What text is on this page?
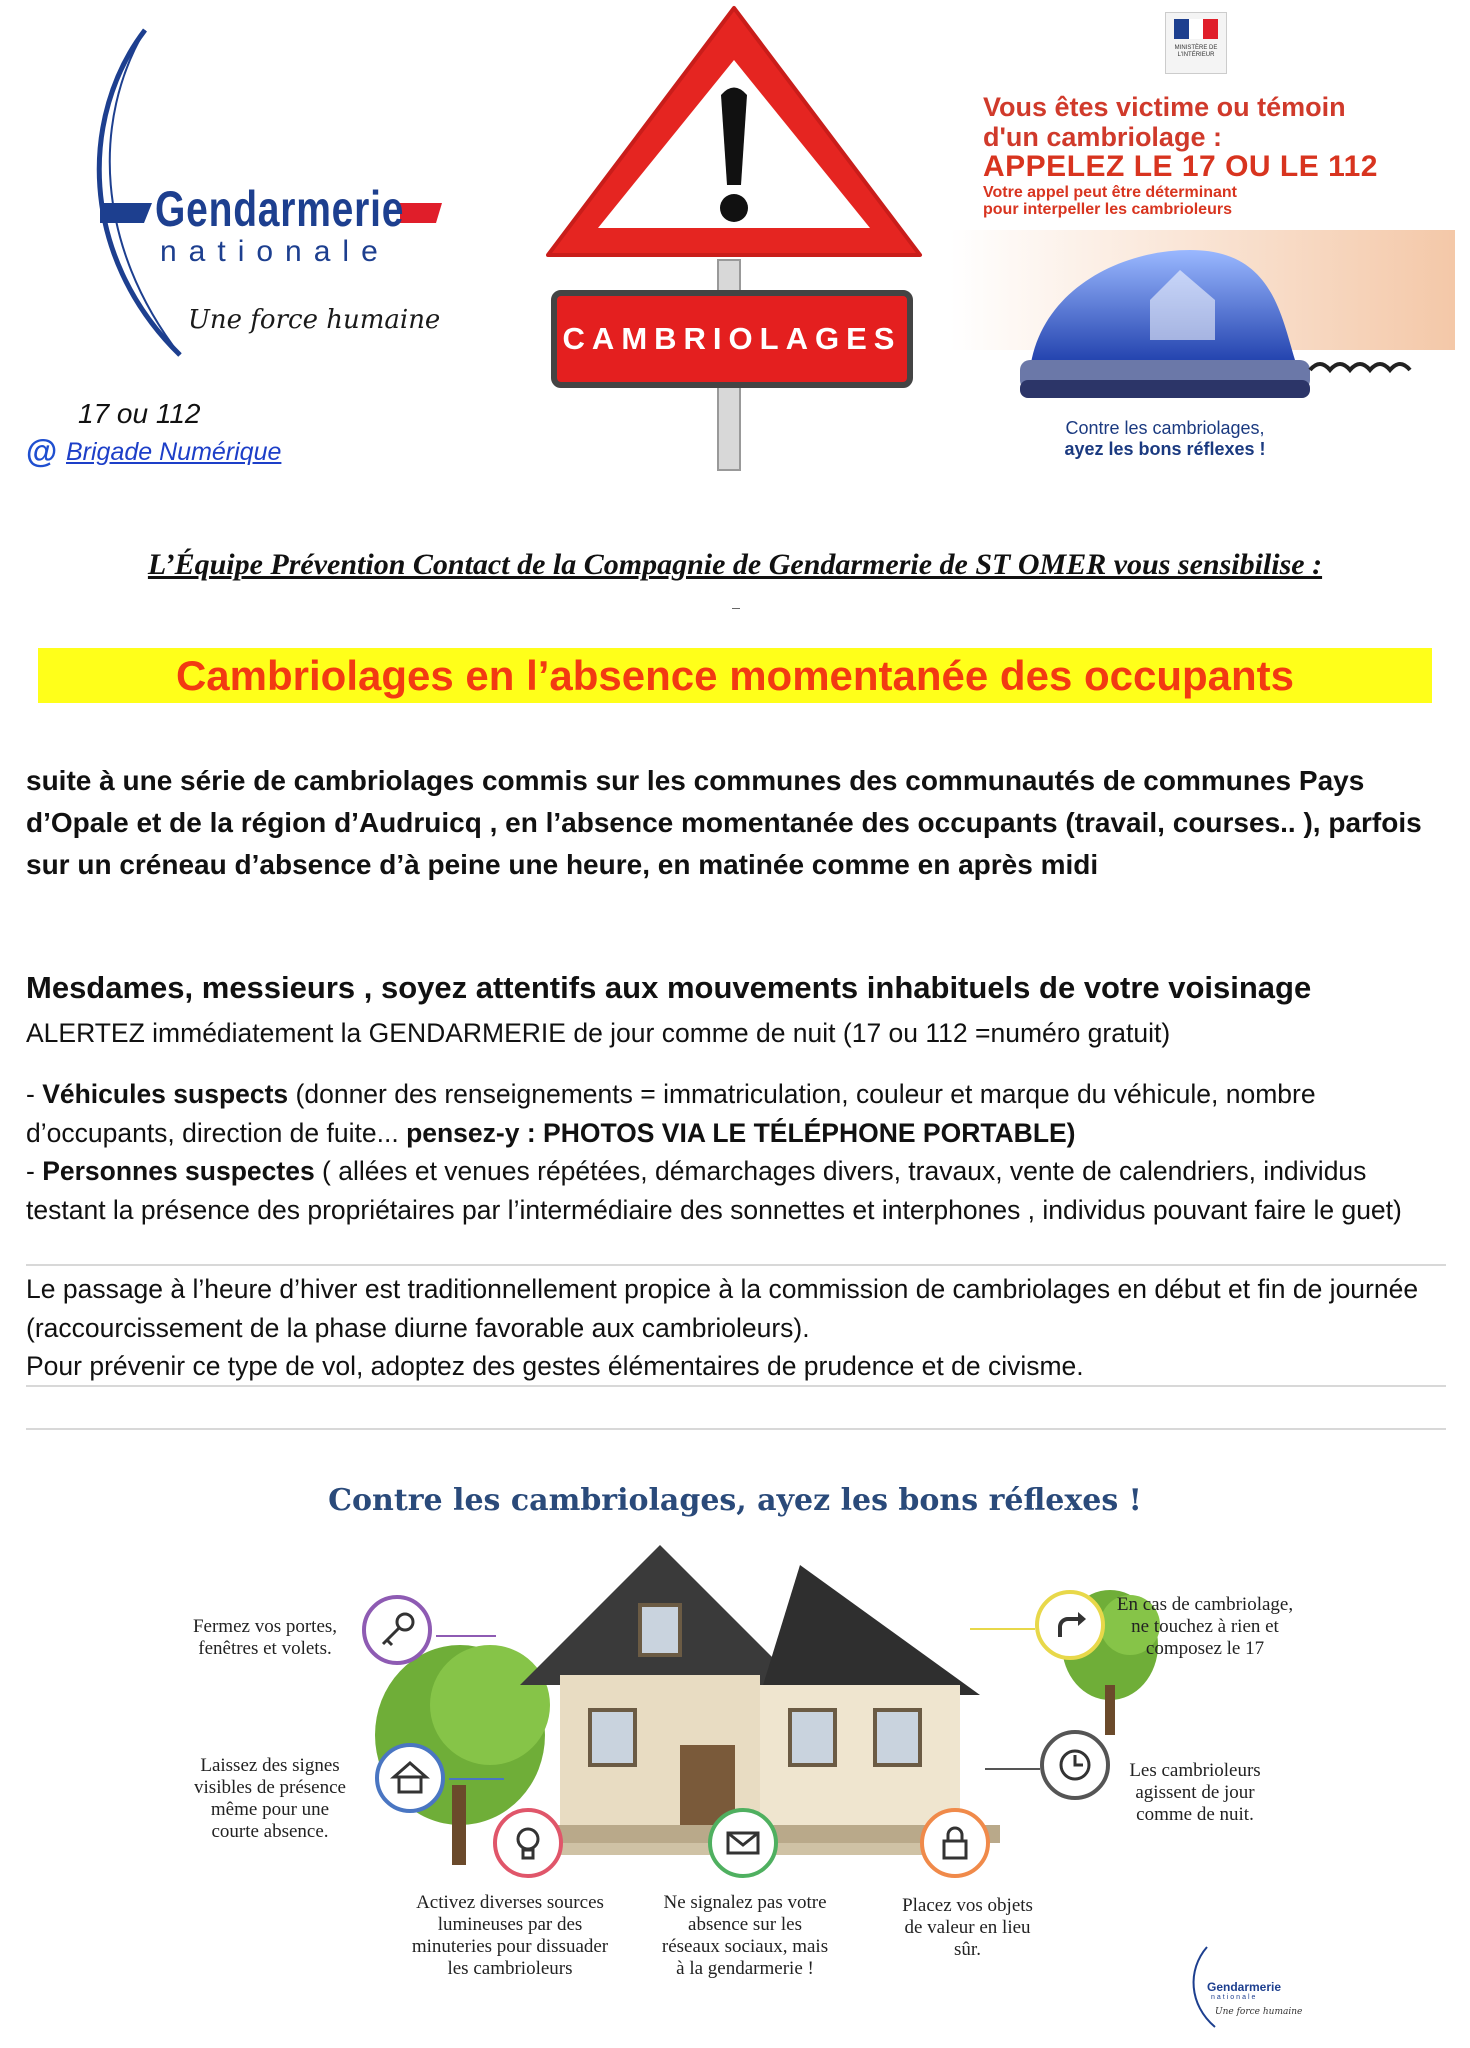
Gendarmerie
nationale
Une force humaine
17 ou 112
@ Brigade Numérique
CAMBRIOLAGES
MINISTÈRE DE L'INTÉRIEUR
Vous êtes victime ou témoin
d'un cambriolage :
APPELEZ LE 17 OU LE 112
Votre appel peut être déterminant
pour interpeller les cambrioleurs
Contre les cambriolages,
ayez les bons réflexes !
L’Équipe Prévention Contact de la Compagnie de Gendarmerie de ST OMER vous sensibilise :
Cambriolages en l’absence momentanée des occupants
suite à une série de cambriolages commis sur les communes des communautés de communes Pays d’Opale et de la région d’Audruicq , en l’absence momentanée des occupants (travail, courses.. ), parfois sur un créneau d’absence d’à peine une heure, en matinée comme en après midi
Mesdames, messieurs , soyez attentifs aux mouvements inhabituels de votre voisinage
ALERTEZ immédiatement la GENDARMERIE de jour comme de nuit (17 ou 112 =numéro gratuit)
- Véhicules suspects (donner des renseignements = immatriculation, couleur et marque du véhicule, nombre d’occupants, direction de fuite... pensez-y : PHOTOS VIA LE TÉLÉPHONE PORTABLE)
- Personnes suspectes ( allées et venues répétées, démarchages divers, travaux, vente de calendriers, individus testant la présence des propriétaires par l’intermédiaire des sonnettes et interphones , individus pouvant faire le guet)
Le passage à l’heure d’hiver est traditionnellement propice à la commission de cambriolages en début et fin de journée (raccourcissement de la phase diurne favorable aux cambrioleurs).
Pour prévenir ce type de vol, adoptez des gestes élémentaires de prudence et de civisme.
Contre les cambriolages, ayez les bons réflexes !
Fermez vos portes, fenêtres et volets.
Laissez des signes visibles de présence même pour une courte absence.
Activez diverses sources lumineuses par des minuteries pour dissuader les cambrioleurs
Ne signalez pas votre absence sur les réseaux sociaux, mais à la gendarmerie !
Placez vos objets de valeur en lieu sûr.
Les cambrioleurs agissent de jour comme de nuit.
En cas de cambriolage, ne touchez à rien et composez le 17
Gendarmerie
nationale
Une force humaine
